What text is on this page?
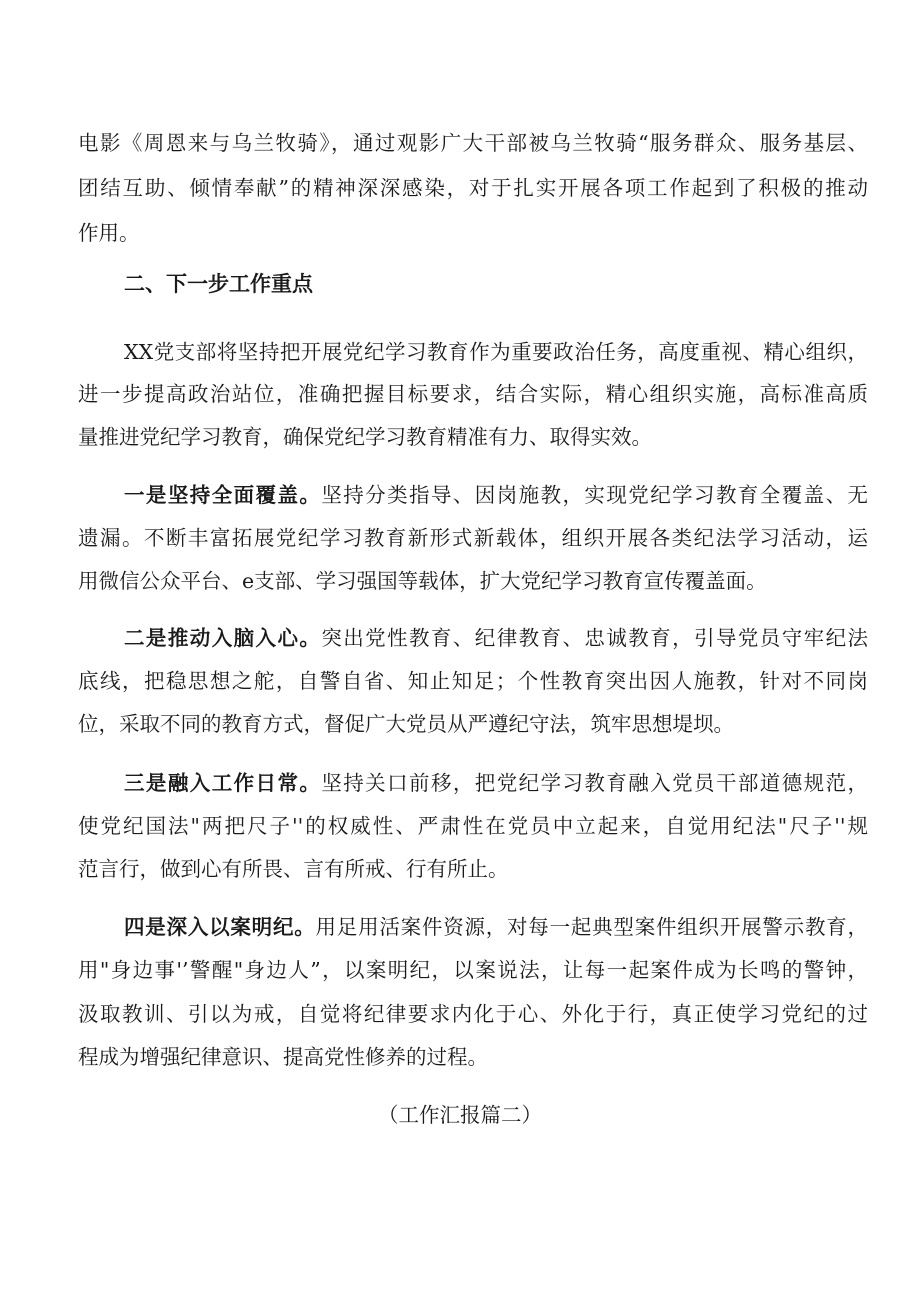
电影《周恩来与乌兰牧骑》，通过观影广大干部被乌兰牧骑“服务群众、服务基层、
团结互助、倾情奉献”的精神深深感染，对于扎实开展各项工作起到了积极的推动
作用。
二、下一步工作重点
XX党支部将坚持把开展党纪学习教育作为重要政治任务，高度重视、精心组织，
进一步提高政治站位，准确把握目标要求，结合实际，精心组织实施，高标准高质
量推进党纪学习教育，确保党纪学习教育精准有力、取得实效。
一是坚持全面覆盖。坚持分类指导、因岗施教，实现党纪学习教育全覆盖、无
遗漏。不断丰富拓展党纪学习教育新形式新载体，组织开展各类纪法学习活动，运
用微信公众平台、e支部、学习强国等载体，扩大党纪学习教育宣传覆盖面。
二是推动入脑入心。突出党性教育、纪律教育、忠诚教育，引导党员守牢纪法
底线，把稳思想之舵，自警自省、知止知足；个性教育突出因人施教，针对不同岗
位，采取不同的教育方式，督促广大党员从严遵纪守法，筑牢思想堤坝。
三是融入工作日常。坚持关口前移，把党纪学习教育融入党员干部道德规范，
使党纪国法"两把尺子''的权威性、严肃性在党员中立起来，自觉用纪法"尺子''规
范言行，做到心有所畏、言有所戒、行有所止。
四是深入以案明纪。用足用活案件资源，对每一起典型案件组织开展警示教育，
用"身边事'’警醒"身边人”，以案明纪，以案说法，让每一起案件成为长鸣的警钟，
汲取教训、引以为戒，自觉将纪律要求内化于心、外化于行，真正使学习党纪的过
程成为增强纪律意识、提高党性修养的过程。
（工作汇报篇二）
